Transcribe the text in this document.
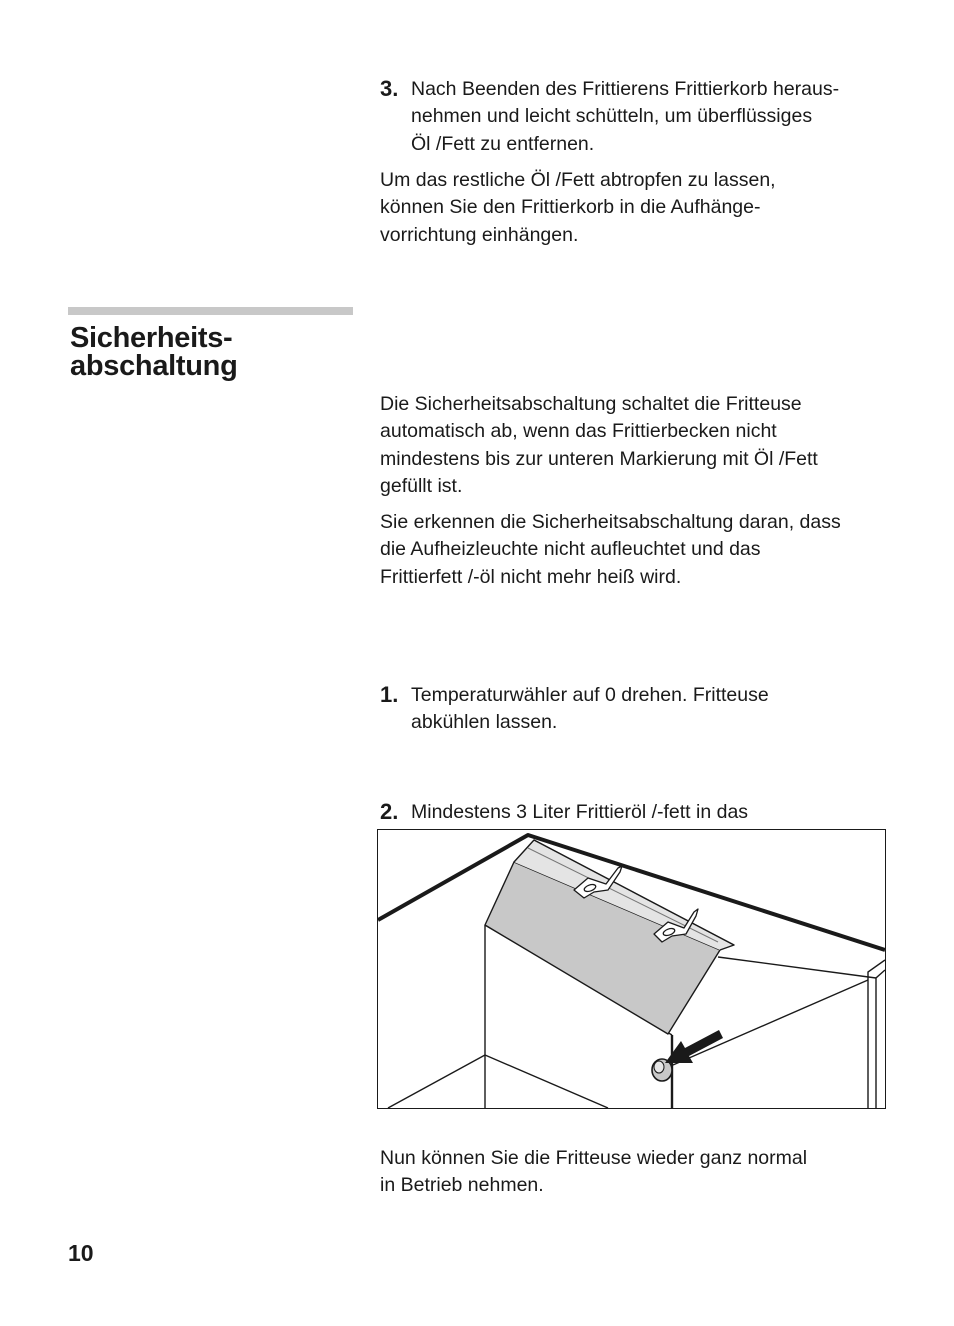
3. Nach Beenden des Frittierens Frittierkorb heraus-
nehmen und leicht schütteln, um überflüssiges
Öl /Fett zu entfernen.

Um das restliche Öl /Fett abtropfen zu lassen,

können Sie den Frittierkorb in die Aufhänge-

vorrichtung einhängen.

Sicherheits-
abschaltung

Die Sicherheitsabschaltung schaltet die Fritteuse

automatisch ab, wenn das Frittierbecken nicht

mindestens bis zur unteren Markierung mit Öl /Fett

gefüllt ist.

Sie erkennen die Sicherheitsabschaltung daran, dass

die Aufheizleuchte nicht aufleuchtet und das

Frittierfett /-öl nicht mehr heiß wird.

1. Temperaturwähler auf 0 drehen. Fritteuse
abkühlen lassen.
2. Mindestens 3 Liter Frittieröl /-fett in das

Nun können Sie die Fritteuse wieder ganz normal

in Betrieb nehmen.

10
